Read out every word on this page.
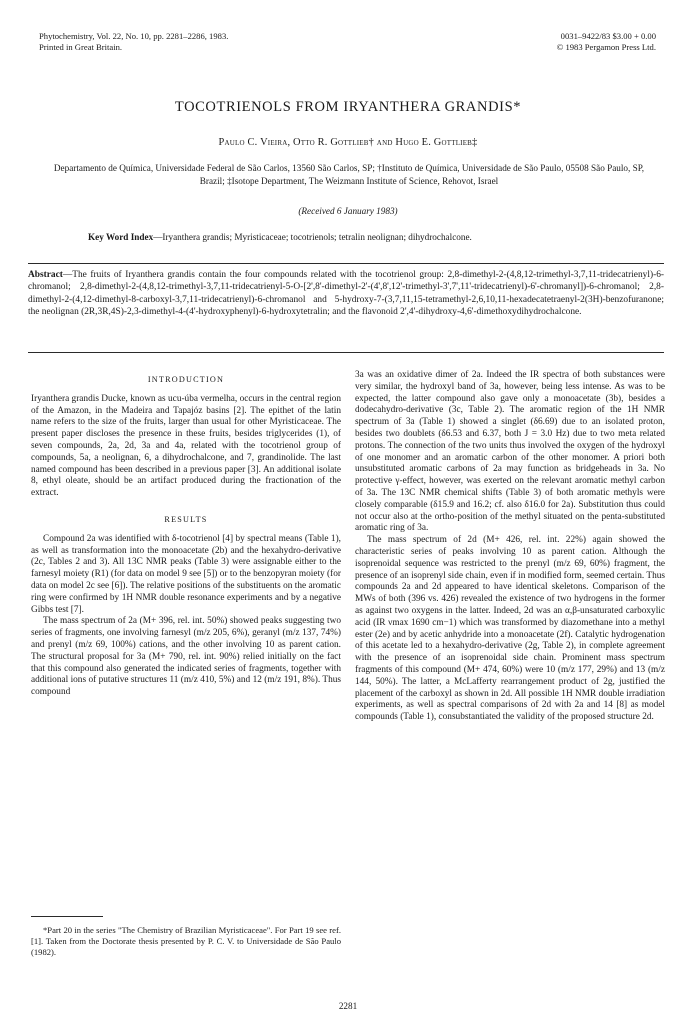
Phytochemistry, Vol. 22, No. 10, pp. 2281–2286, 1983.
Printed in Great Britain.
0031–9422/83 $3.00 + 0.00
© 1983 Pergamon Press Ltd.
TOCOTRIENOLS FROM IRYANTHERA GRANDIS*
Paulo C. Vieira, Otto R. Gottlieb† and Hugo E. Gottlieb‡
Departamento de Química, Universidade Federal de São Carlos, 13560 São Carlos, SP; †Instituto de Química, Universidade de São Paulo, 05508 São Paulo, SP, Brazil; ‡Isotope Department, The Weizmann Institute of Science, Rehovot, Israel
(Received 6 January 1983)
Key Word Index—Iryanthera grandis; Myristicaceae; tocotrienols; tetralin neolignan; dihydrochalcone.
Abstract—The fruits of Iryanthera grandis contain the four compounds related with the tocotrienol group: 2,8-dimethyl-2-(4,8,12-trimethyl-3,7,11-tridecatrienyl)-6-chromanol; 2,8-dimethyl-2-(4,8,12-trimethyl-3,7,11-tridecatrienyl-5-O-[2',8'-dimethyl-2'-(4',8',12'-trimethyl-3',7',11'-tridecatrienyl)-6'-chromanyl])-6-chromanol; 2,8-dimethyl-2-(4,12-dimethyl-8-carboxyl-3,7,11-tridecatrienyl)-6-chromanol and 5-hydroxy-7-(3,7,11,15-tetramethyl-2,6,10,11-hexadecatetraenyl-2(3H)-benzofuranone; the neolignan (2R,3R,4S)-2,3-dimethyl-4-(4'-hydroxyphenyl)-6-hydroxytetralin; and the flavonoid 2',4'-dihydroxy-4,6'-dimethoxydihydrochalcone.
INTRODUCTION

Iryanthera grandis Ducke, known as ucu-úba vermelha, occurs in the central region of the Amazon, in the Madeira and Tapajóz basins [2]. The epithet of the latin name refers to the size of the fruits, larger than usual for other Myristicaceae. The present paper discloses the presence in these fruits, besides triglycerides (1), of seven compounds, 2a, 2d, 3a and 4a, related with the tocotrienol group of compounds, 5a, a neolignan, 6, a dihydrochalcone, and 7, grandinolide. The last named compound has been described in a previous paper [3]. An additional isolate 8, ethyl oleate, should be an artifact produced during the fractionation of the extract.

RESULTS

Compound 2a was identified with δ-tocotrienol [4] by spectral means (Table 1), as well as transformation into the monoacetate (2b) and the hexahydro-derivative (2c, Tables 2 and 3). All 13C NMR peaks (Table 3) were assignable either to the farnesyl moiety (R1) (for data on model 9 see [5]) or to the benzopyran moiety (for data on model 2c see [6]). The relative positions of the substituents on the aromatic ring were confirmed by 1H NMR double resonance experiments and by a negative Gibbs test [7].

The mass spectrum of 2a (M+ 396, rel. int. 50%) showed peaks suggesting two series of fragments, one involving farnesyl (m/z 205, 6%), geranyl (m/z 137, 74%) and prenyl (m/z 69, 100%) cations, and the other involving 10 as parent cation. The structural proposal for 3a (M+ 790, rel. int. 90%) relied initially on the fact that this compound also generated the indicated series of fragments, together with additional ions of putative structures 11 (m/z 410, 5%) and 12 (m/z 191, 8%). Thus compound

3a was an oxidative dimer of 2a. Indeed the IR spectra of both substances were very similar, the hydroxyl band of 3a, however, being less intense. As was to be expected, the latter compound also gave only a monoacetate (3b), besides a dodecahydro-derivative (3c, Table 2). The aromatic region of the 1H NMR spectrum of 3a (Table 1) showed a singlet (δ6.69) due to an isolated proton, besides two doublets (δ6.53 and 6.37, both J = 3.0 Hz) due to two meta related protons. The connection of the two units thus involved the oxygen of the hydroxyl of one monomer and an aromatic carbon of the other monomer. A priori both unsubstituted aromatic carbons of 2a may function as bridgeheads in 3a. No protective γ-effect, however, was exerted on the relevant aromatic methyl carbon of 3a. The 13C NMR chemical shifts (Table 3) of both aromatic methyls were closely comparable (δ15.9 and 16.2; cf. also δ16.0 for 2a). Substitution thus could not occur also at the ortho-position of the methyl situated on the penta-substituted aromatic ring of 3a.

The mass spectrum of 2d (M+ 426, rel. int. 22%) again showed the characteristic series of peaks involving 10 as parent cation. Although the isoprenoidal sequence was restricted to the prenyl (m/z 69, 60%) fragment, the presence of an isoprenyl side chain, even if in modified form, seemed certain. Thus compounds 2a and 2d appeared to have identical skeletons. Comparison of the MWs of both (396 vs. 426) revealed the existence of two hydrogens in the former as against two oxygens in the latter. Indeed, 2d was an α,β-unsaturated carboxylic acid (IR νmax 1690 cm−1) which was transformed by diazomethane into a methyl ester (2e) and by acetic anhydride into a monoacetate (2f). Catalytic hydrogenation of this acetate led to a hexahydro-derivative (2g, Table 2), in complete agreement with the presence of an isoprenoidal side chain. Prominent mass spectrum fragments of this compound (M+ 474, 60%) were 10 (m/z 177, 29%) and 13 (m/z 144, 50%). The latter, a McLafferty rearrangement product of 2g, justified the placement of the carboxyl as shown in 2d. All possible 1H NMR double irradiation experiments, as well as spectral comparisons of 2d with 2a and 14 [8] as model compounds (Table 1), consubstantiated the validity of the proposed structure 2d.

*Part 20 in the series "The Chemistry of Brazilian Myristicaceae". For Part 19 see ref. [1]. Taken from the Doctorate thesis presented by P. C. V. to Universidade de São Paulo (1982).
2281
